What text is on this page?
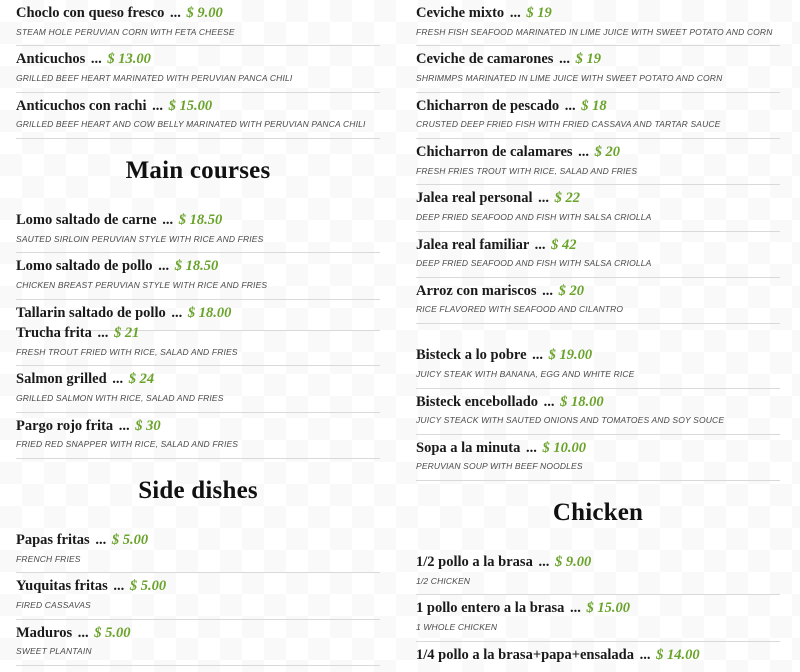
Choclo con queso fresco ... $ 9.00
STEAM HOLE PERUVIAN CORN WITH FETA CHEESE
Anticuchos ... $ 13.00
GRILLED BEEF HEART MARINATED WITH PERUVIAN PANCA CHILI
Anticuchos con rachi ... $ 15.00
GRILLED BEEF HEART AND COW BELLY MARINATED WITH PERUVIAN PANCA CHILI
Main courses
Lomo saltado de carne ... $ 18.50
SAUTED SIRLOIN PERUVIAN STYLE WITH RICE AND FRIES
Lomo saltado de pollo ... $ 18.50
CHICKEN BREAST PERUVIAN STYLE WITH RICE AND FRIES
Tallarin saltado de pollo ... $ 18.00
Trucha frita ... $ 21
FRESH TROUT FRIED WITH RICE, SALAD AND FRIES
Salmon grilled ... $ 24
GRILLED SALMON WITH RICE, SALAD AND FRIES
Pargo rojo frita ... $ 30
FRIED RED SNAPPER WITH RICE, SALAD AND FRIES
Side dishes
Papas fritas ... $ 5.00
FRENCH FRIES
Yuquitas fritas ... $ 5.00
FIRED CASSAVAS
Maduros ... $ 5.00
SWEET PLANTAIN
Ceviche mixto ... $ 19
FRESH FISH SEAFOOD MARINATED IN LIME JUICE WITH SWEET POTATO AND CORN
Ceviche de camarones ... $ 19
SHRIMMPS MARINATED IN LIME JUICE WITH SWEET POTATO AND CORN
Chicharron de pescado ... $ 18
CRUSTED DEEP FRIED FISH WITH FRIED CASSAVA AND TARTAR SAUCE
Chicharron de calamares ... $ 20
FRESH FRIES TROUT WITH RICE, SALAD AND FRIES
Jalea real personal ... $ 22
DEEP FRIED SEAFOOD AND FISH WITH SALSA CRIOLLA
Jalea real familiar ... $ 42
DEEP FRIED SEAFOOD AND FISH WITH SALSA CRIOLLA
Arroz con mariscos ... $ 20
RICE FLAVORED WITH SEAFOOD AND CILANTRO
Bisteck a lo pobre ... $ 19.00
JUICY STEAK WITH BANANA, EGG AND WHITE RICE
Bisteck encebollado ... $ 18.00
JUICY STEACK WITH SAUTED ONIONS AND TOMATOES AND SOY SOUCE
Sopa a la minuta ... $ 10.00
PERUVIAN SOUP WITH BEEF NOODLES
Chicken
1/2 pollo a la brasa ... $ 9.00
1/2 CHICKEN
1 pollo entero a la brasa ... $ 15.00
1 WHOLE CHICKEN
1/4 pollo a la brasa+papa+ensalada ... $ 14.00
